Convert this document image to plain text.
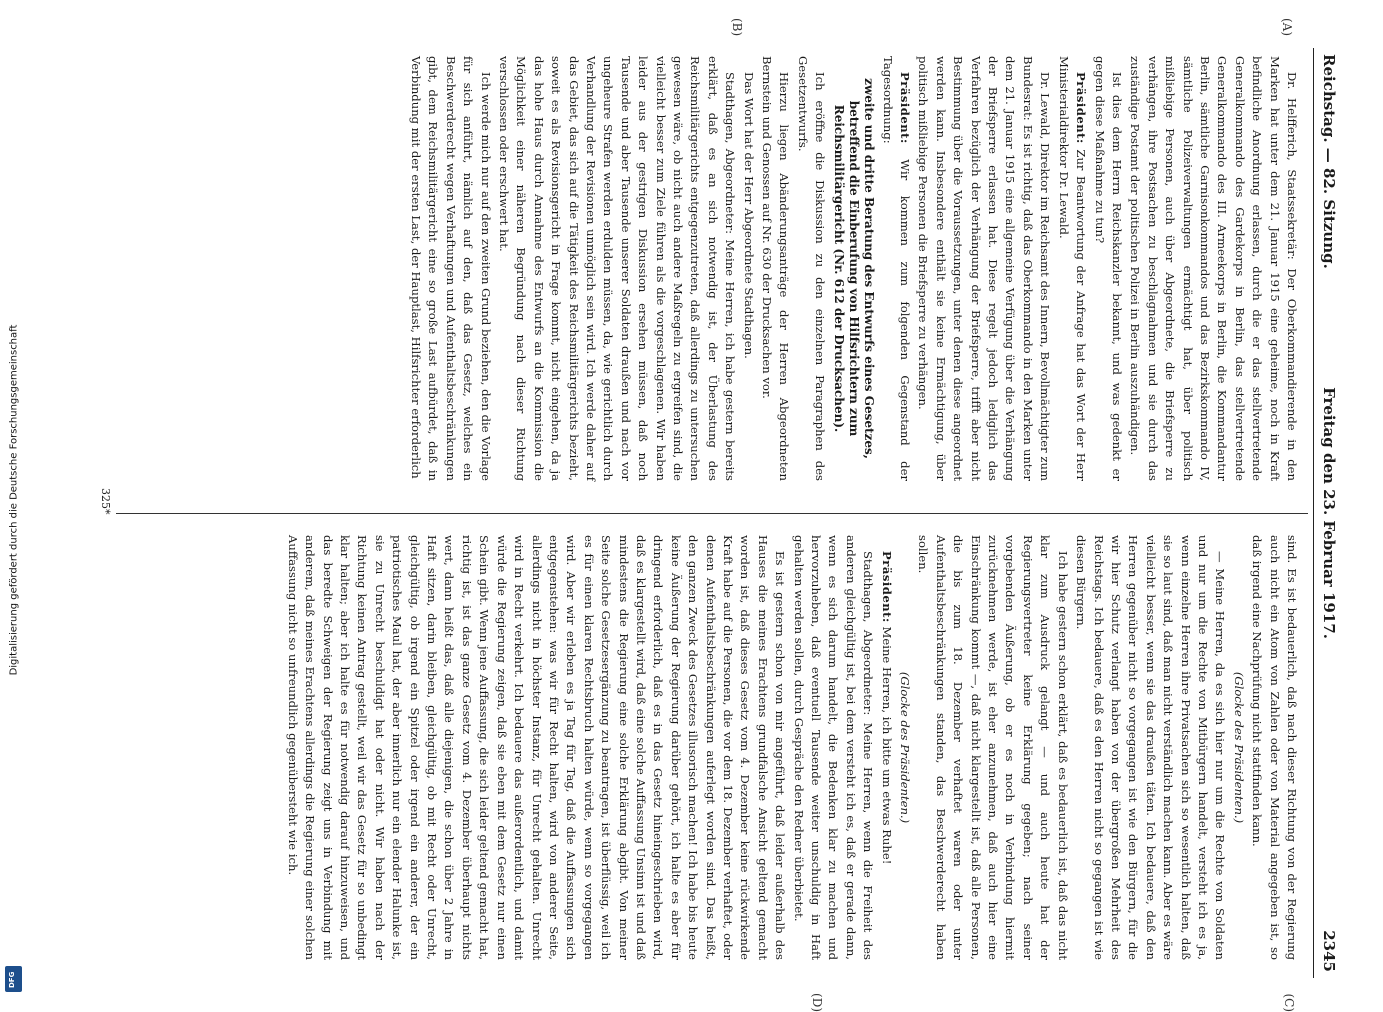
Digitalisierung gefördert durch die Deutsche Forschungsgemeinschaft
DFG
Reichstag. — 82. Sitzung.
Freitag den 23. Februar 1917.
2345
(A)
(B)
(C)
(D)

Dr. Helfferich, Staatssekretär: Der Oberkommandierende in den Marken hat unter dem 21. Januar 1915 eine geheime, noch in Kraft befindliche Anordnung erlassen, durch die er das stellvertretende Generalkommando des Gardekorps in Berlin, das stellvertretende Generalkommando des III. Armeekorps in Berlin, die Kommandantur Berlin, sämtliche Garnisonkommandos und das Bezirkskommando IV, sämtliche Polizeiverwaltungen ermächtigt hat, über politisch mißliebige Personen, auch über Abgeordnete, die Briefsperre zu verhängen, ihre Postsachen zu beschlagnahmen und sie durch das zuständige Postamt der politischen Polizei in Berlin auszuhändigen.

Ist dies dem Herrn Reichskanzler bekannt, und was gedenkt er gegen diese Maßnahme zu tun?

Präsident: Zur Beantwortung der Anfrage hat das Wort der Herr Ministerialdirektor Dr. Lewald.

Dr. Lewald, Direktor im Reichsamt des Innern, Bevollmächtigter zum Bundesrat: Es ist richtig, daß das Oberkommando in den Marken unter dem 21. Januar 1915 eine allgemeine Verfügung über die Verhängung der Briefsperre erlassen hat. Diese regelt jedoch lediglich das Verfahren bezüglich der Verhängung der Briefsperre, trifft aber nicht Bestimmung über die Voraussetzungen, unter denen diese angeordnet werden kann. Insbesondere enthält sie keine Ermächtigung, über politisch mißliebige Personen die Briefsperre zu verhängen.

Präsident: Wir kommen zum folgenden Gegenstand der Tagesordnung:

zweite und dritte Beratung des Entwurfs eines Gesetzes, betreffend die Einberufung von Hilfsrichtern zum Reichsmilitärgericht (Nr. 612 der Drucksachen).

Ich eröffne die Diskussion zu den einzelnen Paragraphen des Gesetzentwurfs.

Hierzu liegen Abänderungsanträge der Herren Abgeordneten Bernstein und Genossen auf Nr. 630 der Drucksachen vor.

Das Wort hat der Herr Abgeordnete Stadthagen.

Stadthagen, Abgeordneter: Meine Herren, ich habe gestern bereits erklärt, daß es an sich notwendig ist, der Überlastung des Reichsmilitärgerichts entgegenzutreten, daß allerdings zu untersuchen gewesen wäre, ob nicht auch andere Maßregeln zu ergreifen sind, die vielleicht besser zum Ziele führen als die vorgeschlagenen. Wir haben leider aus der gestrigen Diskussion ersehen müssen, daß noch Tausende und aber Tausende unserer Soldaten draußen und nach vor ungeheure Strafen werden erdulden müssen, da, wie gerichtlich durch Verhandlung der Revisionen unmöglich sein wird. Ich werde daher auf das Gebiet, das sich auf die Tätigkeit des Reichsmilitärgerichts bezieht, soweit es als Revisionsgericht in Frage kommt, nicht eingehen, da ja das hohe Haus durch Annahme des Entwurfs an die Kommission die Möglichkeit einer näheren Begründung nach dieser Richtung verschlossen oder erschwert hat.

Ich werde mich nur auf den zweiten Grund beziehen, den die Vorlage für sich anführt, nämlich auf den, daß das Gesetz, welches ein Beschwerderecht wegen Verhaftungen und Aufenthaltsbeschränkungen gibt, dem Reichsmilitärgericht eine so große Last aufbürdet, daß in Verbindung mit der ersten Last, der Hauptlast, Hilfsrichter erforderlich

sind. Es ist bedauerlich, daß nach dieser Richtung von der Regierung auch nicht ein Atom von Zahlen oder von Material angegeben ist, so daß irgend eine Nachprüfung nicht stattfinden kann.

(Glocke des Präsidenten.)

— Meine Herren, da es sich hier nur um die Rechte von Soldaten und nur um die Rechte von Mitbürgern handelt, versteht ich es ja, wenn einzelne Herren ihre Privatsachen sich so wesentlich halten, daß sie so laut sind, daß man nicht verständlich machen kann. Aber es wäre vielleicht besser, wenn sie das draußen täten. Ich bedauere, daß den Herren gegenüber nicht so vorgegangen ist wie den Bürgern, für die wir hier Schutz verlangt haben von der übergroßen Mehrheit des Reichstags. Ich bedauere, daß es den Herren nicht so gegangen ist wie diesen Bürgern.

Ich habe gestern schon erklärt, daß es bedauerlich ist, daß das nicht klar zum Ausdruck gelangt — und auch heute hat der Regierungsvertreter keine Erklärung gegeben; nach seiner vorgebenden Äußerung, ob er es noch in Verbindung hiermit zurücknehmen werde, ist eher anzunehmen, daß auch hier eine Einschränkung kommt —, daß nicht klargestellt ist, daß alle Personen, die bis zum 18. Dezember verhaftet waren oder unter Aufenthaltsbeschränkungen standen, das Beschwerderecht haben sollen.

(Glocke des Präsidenten.)

Präsident: Meine Herren, ich bitte um etwas Ruhe!

Stadthagen, Abgeordneter: Meine Herren, wenn die Freiheit des anderen gleichgültig ist, bei dem versteht ich es, daß er gerade dann, wenn es sich darum handelt, die Bedenken klar zu machen und hervorzuheben, daß eventuell Tausende weiter unschuldig in Haft gehalten werden sollen, durch Gespräche den Redner überbietet.

Es ist gestern schon von mir angeführt, daß leider außerhalb des Hauses die meines Erachtens grundfalsche Ansicht geltend gemacht worden ist, daß dieses Gesetz vom 4. Dezember keine rückwirkende Kraft habe auf die Personen, die vor dem 18. Dezember verhaftet, oder denen Aufenthaltsbeschränkungen auferlegt worden sind. Das heißt, den ganzen Zweck des Gesetzes illusorisch machen! Ich habe bis heute keine Äußerung der Regierung darüber gehört, ich halte es aber für dringend erforderlich, daß es in das Gesetz hineingeschrieben wird, daß es klargestellt wird, daß eine solche Auffassung Unsinn ist und daß mindestens die Regierung eine solche Erklärung abgibt. Von meiner Seite solche Gesetzesergänzung zu beantragen, ist überflüssig, weil ich es für einen klaren Rechtsbruch halten würde, wenn so vorgegangen wird. Aber wir erleben es ja Tag für Tag, daß die Auffassungen sich entgegenstehen: was wir für Recht halten, wird von anderer Seite, allerdings nicht in höchster Instanz, für Unrecht gehalten. Unrecht wird in Recht verkehrt. Ich bedauere das außerordentlich, und damit würde die Regierung zeigen, daß sie eben mit dem Gesetz nur einen Schein gibt. Wenn jene Auffassung, die sich leider geltend gemacht hat, richtig ist, ist das ganze Gesetz vom 4. Dezember überhaupt nichts wert, dann heißt das, daß alle diejenigen, die schon über 2 Jahre in Haft sitzen, darin bleiben, gleichgültig, ob mit Recht oder Unrecht, gleichgültig, ob irgend ein Spitzel oder irgend ein anderer, der ein patriotisches Maul hat, der aber innerlich nur ein elender Halunke ist, sie zu Unrecht beschuldigt hat oder nicht. Wir haben nach der Richtung keinen Antrag gestellt, weil wir das Gesetz für so unbedingt klar halten; aber ich halte es für notwendig darauf hinzuweisen, und das beredte Schweigen der Regierung zeigt uns in Verbindung mit anderem, daß meines Erachtens allerdings die Regierung einer solchen Auffassung nicht so unfreundlich gegenübersteht wie ich.

325*
